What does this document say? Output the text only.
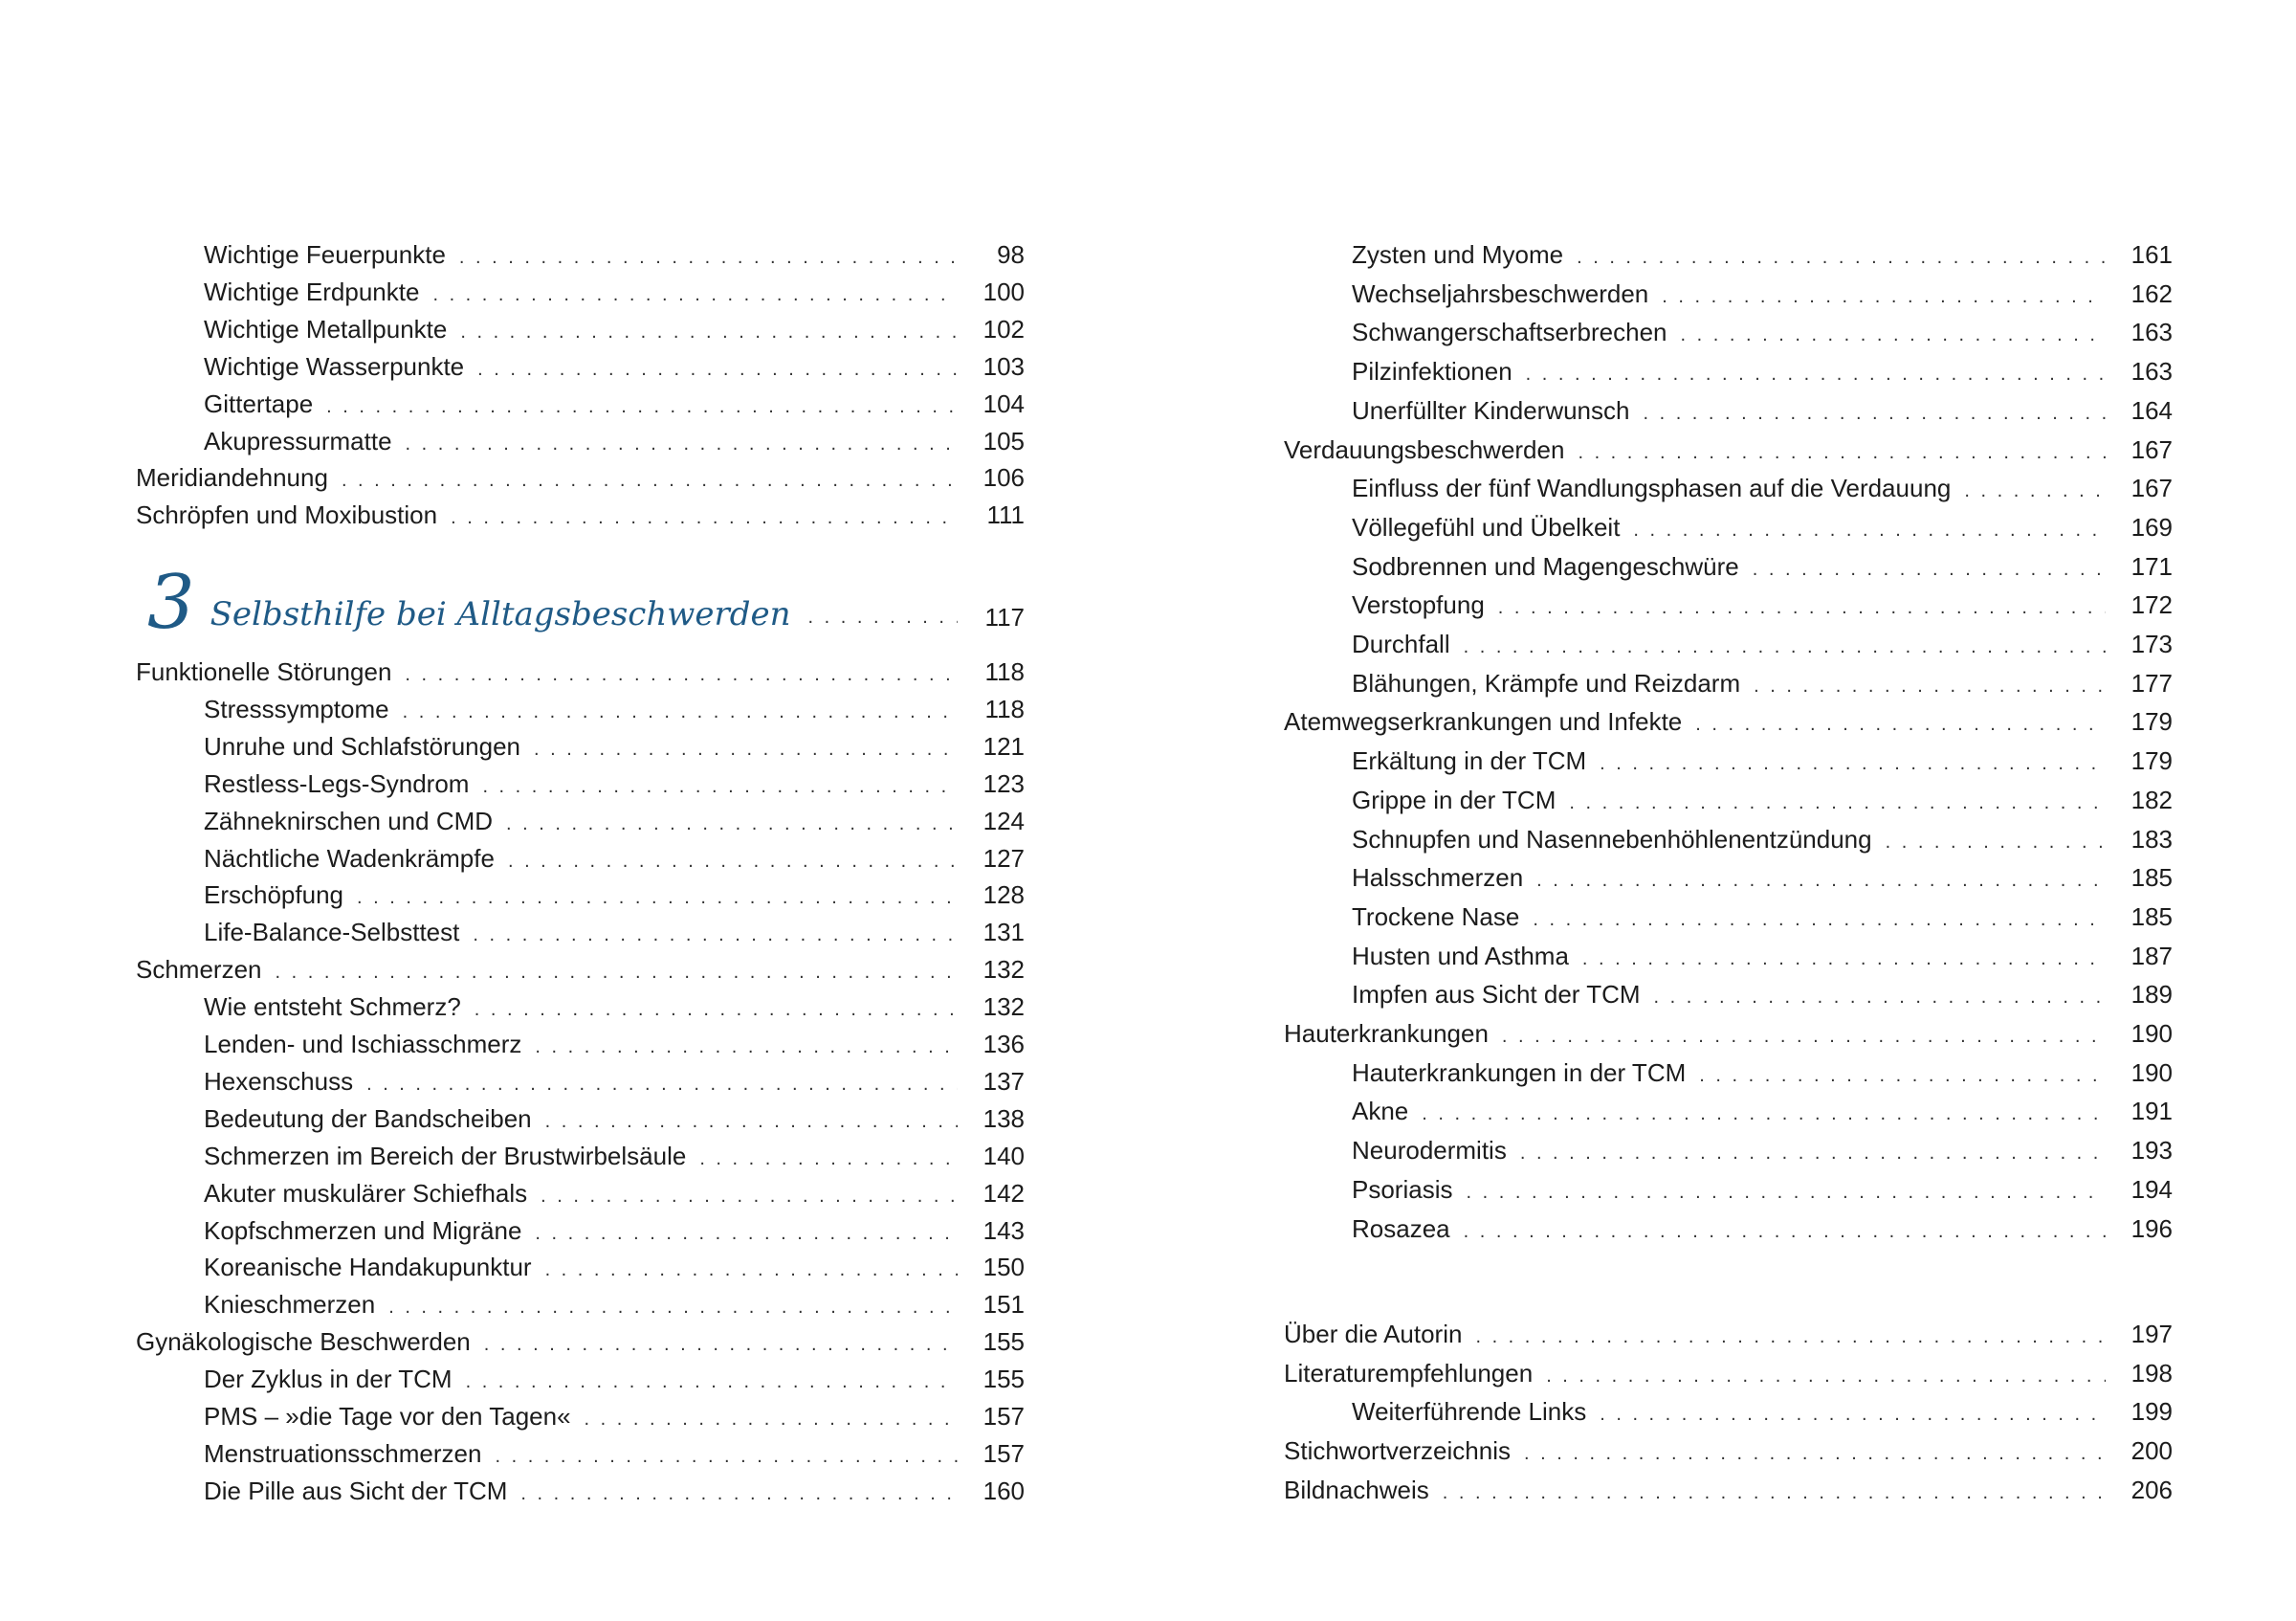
Wichtige Feuerpunkte . . .	98
Wichtige Erdpunkte . . .	100
Wichtige Metallpunkte . . .	102
Wichtige Wasserpunkte . . .	103
Gittertape . . .	104
Akupressurmatte . . .	105
Meridiandehnung . . .	106
Schröpfen und Moxibustion . . .	111
3 Selbsthilfe bei Alltagsbeschwerden . . .	117
Funktionelle Störungen . . .	118
Stresssymptome . . .	118
Unruhe und Schlafstörungen . . .	121
Restless-Legs-Syndrom . . .	123
Zähneknirschen und CMD . . .	124
Nächtliche Wadenkrämpfe . . .	127
Erschöpfung . . .	128
Life-Balance-Selbsttest . . .	131
Schmerzen . . .	132
Wie entsteht Schmerz? . . .	132
Lenden- und Ischiasschmerz . . .	136
Hexenschuss . . .	137
Bedeutung der Bandscheiben . . .	138
Schmerzen im Bereich der Brustwirbelsäule . . .	140
Akuter muskulärer Schiefhals . . .	142
Kopfschmerzen und Migräne . . .	143
Koreanische Handakupunktur . . .	150
Knieschmerzen . . .	151
Gynäkologische Beschwerden . . .	155
Der Zyklus in der TCM . . .	155
PMS – »die Tage vor den Tagen« . . .	157
Menstruationsschmerzen . . .	157
Die Pille aus Sicht der TCM . . .	160
Zysten und Myome . . .	161
Wechseljahrsbeschwerden . . .	162
Schwangerschaftserbrechen . . .	163
Pilzinfektionen . . .	163
Unerfüllter Kinderwunsch . . .	164
Verdauungsbeschwerden . . .	167
Einfluss der fünf Wandlungsphasen auf die Verdauung . . .	167
Völlegefühl und Übelkeit . . .	169
Sodbrennen und Magengeschwüre . . .	171
Verstopfung . . .	172
Durchfall . . .	173
Blähungen, Krämpfe und Reizdarm . . .	177
Atemwegserkrankungen und Infekte . . .	179
Erkältung in der TCM . . .	179
Grippe in der TCM . . .	182
Schnupfen und Nasennebenhöhlenentzündung . . .	183
Halsschmerzen . . .	185
Trockene Nase . . .	185
Husten und Asthma . . .	187
Impfen aus Sicht der TCM . . .	189
Hauterkrankungen . . .	190
Hauterkrankungen in der TCM . . .	190
Akne . . .	191
Neurodermitis . . .	193
Psoriasis . . .	194
Rosazea . . .	196
Über die Autorin . . .	197
Literaturempfehlungen . . .	198
Weiterführende Links . . .	199
Stichwortverzeichnis . . .	200
Bildnachweis . . .	206
